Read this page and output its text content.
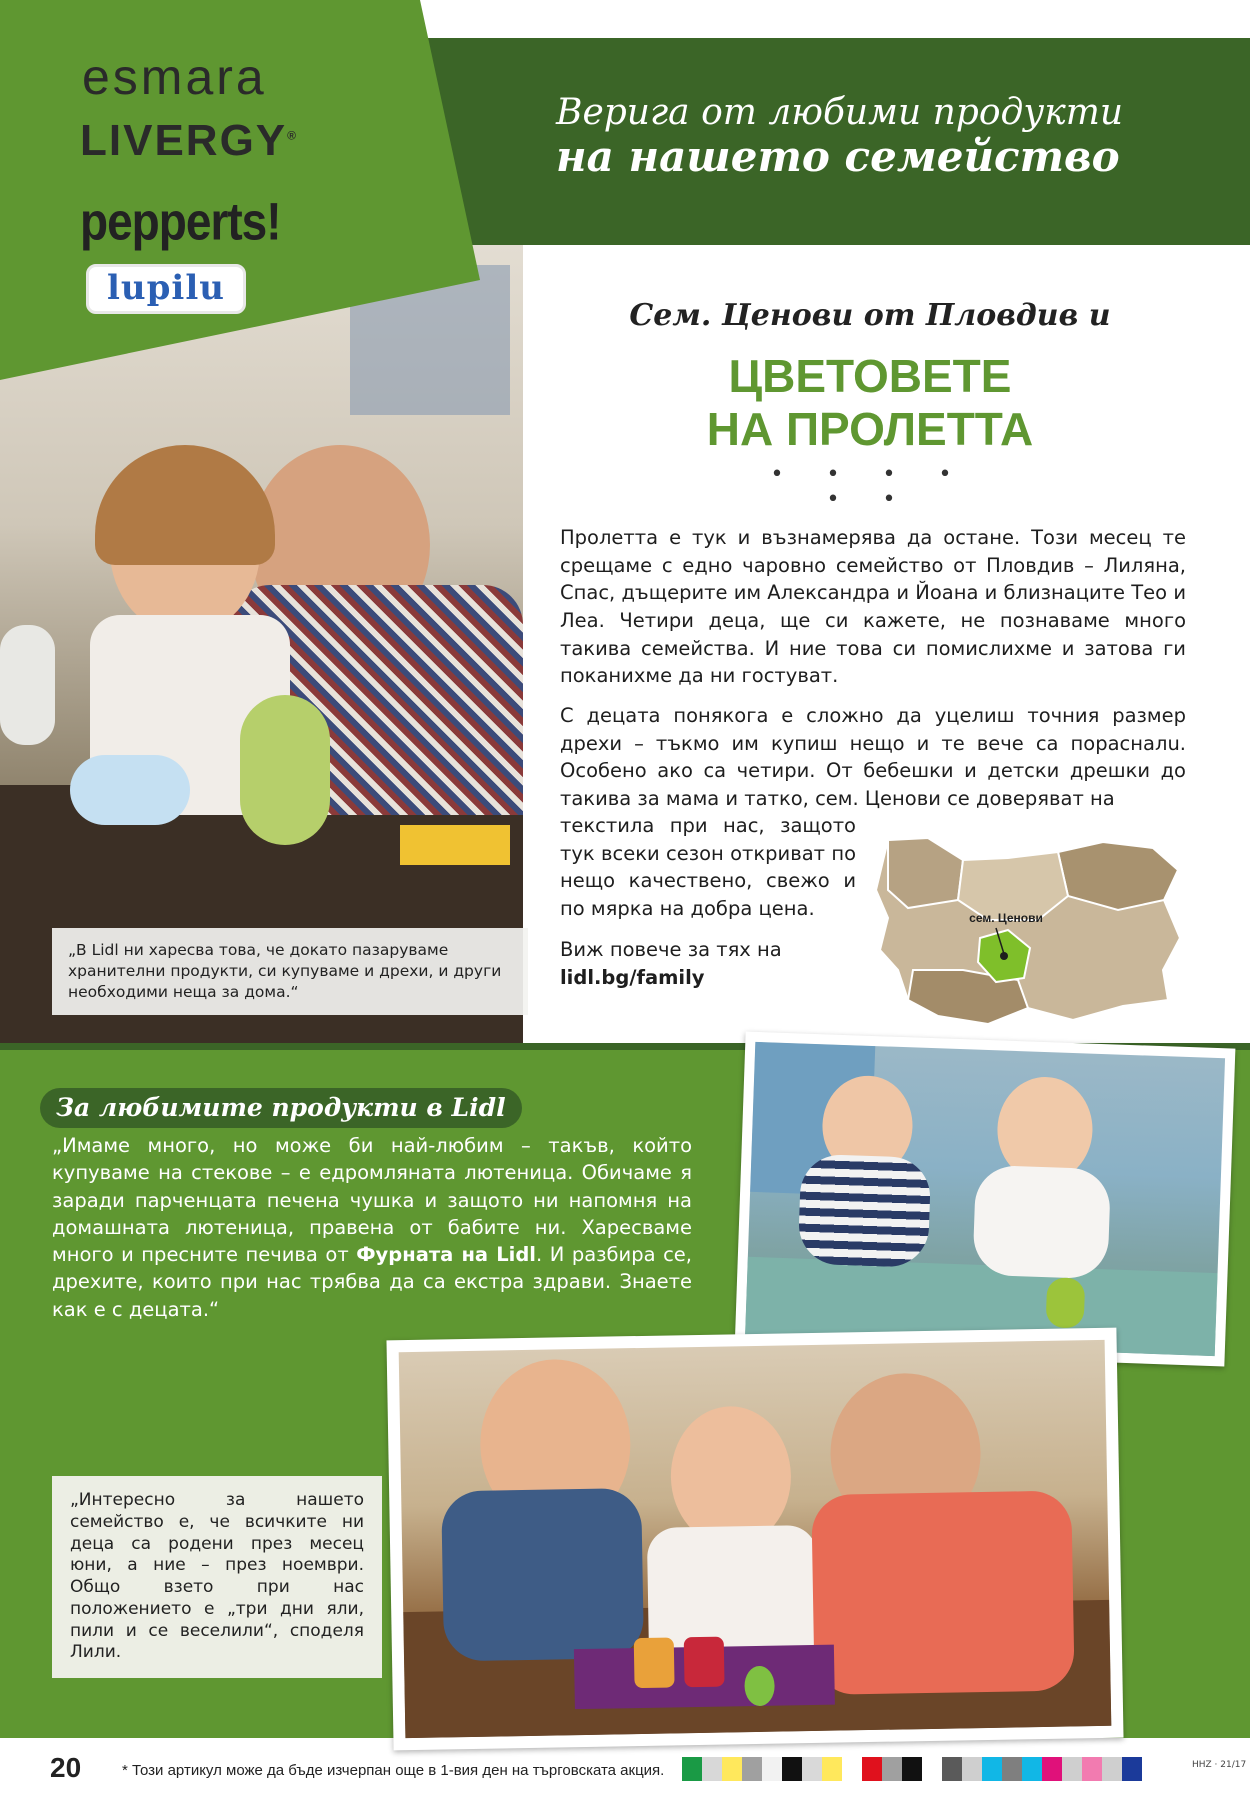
esmara
LIVERGY®
pepperts!
lupilu
Верига от любими продукти
на нашето семейство
„В Lidl ни харесва това, че докато пазаруваме хранителни продукти, си купуваме и дрехи, и други необходими неща за дома.“
Сем. Ценови от Пловдив и
ЦВЕТОВЕТЕ
НА ПРОЛЕТТА
• • • • • •
Пролетта е тук и възнамерява да остане. Този месец те срещаме с едно чаровно семейство от Пловдив – Лиляна, Спас, дъщерите им Александра и Йоана и близнаците Тео и Леа. Четири деца, ще си кажете, не познаваме много такива семейства. И ние това си помислихме и затова ги поканихме да ни гостуват.
С децата понякога е сложно да уцелиш точния размер дрехи – тъкмо им купиш нещо и те вече са порасналu. Особено ако са четири. От бебешки и детски дрешки до такива за мама и татко, сем. Ценови се доверяват на
текстила при нас, защото тук всеки сезон откриват по нещо качествено, свежо и по мярка на добра цена.
Виж повече за тях на
lidl.bg/family
сем. Ценови
За любимите продукти в Lidl
„Имаме много, но може би най-любим – такъв, който купуваме на стекове – е едромляната лютеница. Обичаме я заради парченцата печена чушка и защото ни напомня на домашната лютеница, правена от бабите ни. Харесваме много и пресните печива от Фурната на Lidl. И разбира се, дрехите, които при нас трябва да са екстра здрави. Знаете как е с децата.“
„Интересно за нашето семейство е, че всичките ни деца са родени през месец юни, а ние – през ноември. Общо взето при нас положението е „три дни яли, пили и се веселили“, споделя Лили.
20	* Този артикул може да бъде изчерпан още в 1-вия ден на търговската акция.	HHZ · 21/17
